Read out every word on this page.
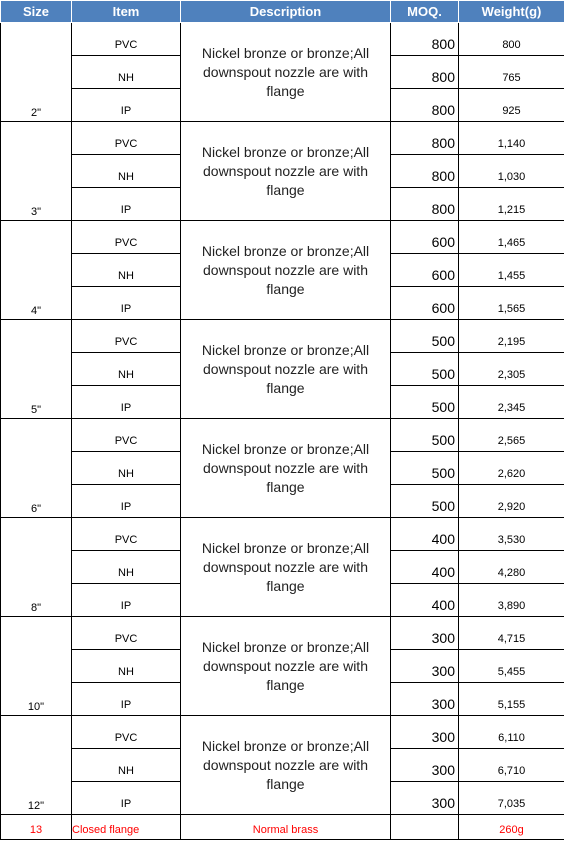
Size	Item	Description	MOQ.	Weight(g)
2"	PVC	Nickel bronze or bronze;All downspout nozzle are with flange	800	800
	NH		800	765
	IP		800	925
3"	PVC	Nickel bronze or bronze;All downspout nozzle are with flange	800	1,140
	NH		800	1,030
	IP		800	1,215
4"	PVC	Nickel bronze or bronze;All downspout nozzle are with flange	600	1,465
	NH		600	1,455
	IP		600	1,565
5"	PVC	Nickel bronze or bronze;All downspout nozzle are with flange	500	2,195
	NH		500	2,305
	IP		500	2,345
6"	PVC	Nickel bronze or bronze;All downspout nozzle are with flange	500	2,565
	NH		500	2,620
	IP		500	2,920
8"	PVC	Nickel bronze or bronze;All downspout nozzle are with flange	400	3,530
	NH		400	4,280
	IP		400	3,890
10"	PVC	Nickel bronze or bronze;All downspout nozzle are with flange	300	4,715
	NH		300	5,455
	IP		300	5,155
12"	PVC	Nickel bronze or bronze;All downspout nozzle are with flange	300	6,110
	NH		300	6,710
	IP		300	7,035
13	Closed flange	Normal brass		260g
